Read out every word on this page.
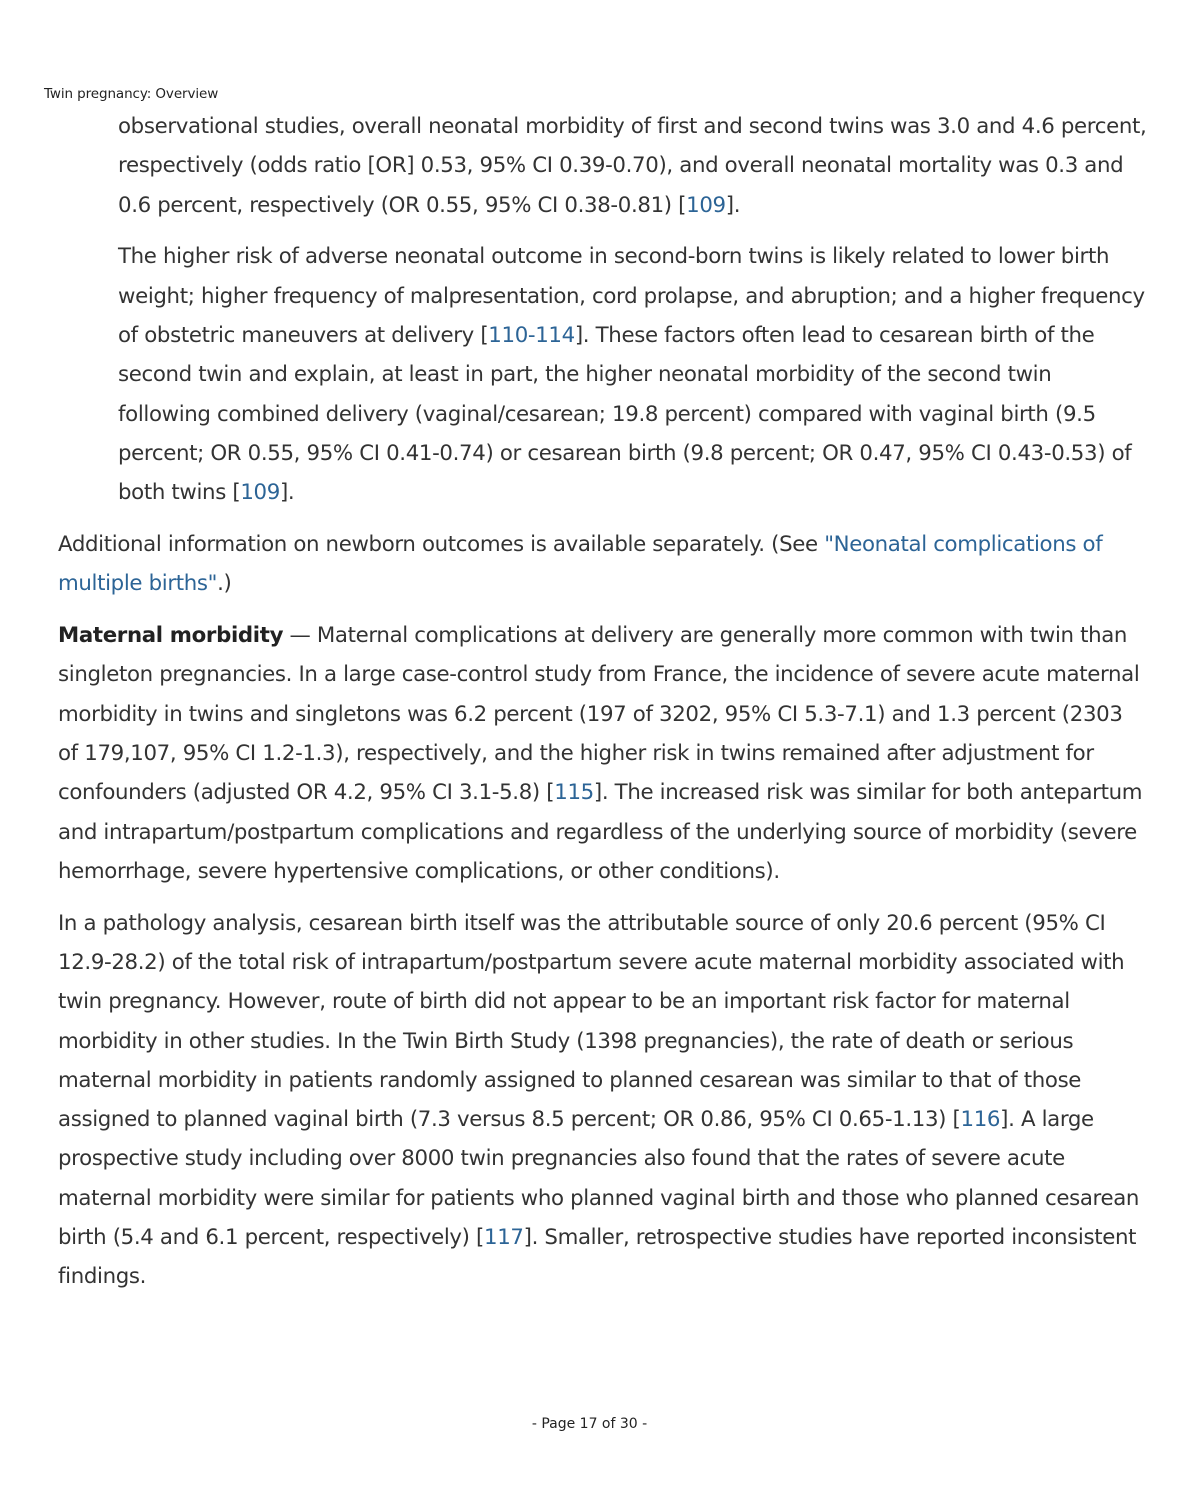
Twin pregnancy: Overview

observational studies, overall neonatal morbidity of first and second twins was 3.0 and 4.6 percent, respectively (odds ratio [OR] 0.53, 95% CI 0.39-0.70), and overall neonatal mortality was 0.3 and 0.6 percent, respectively (OR 0.55, 95% CI 0.38-0.81) [109].

The higher risk of adverse neonatal outcome in second-born twins is likely related to lower birth weight; higher frequency of malpresentation, cord prolapse, and abruption; and a higher frequency of obstetric maneuvers at delivery [110-114]. These factors often lead to cesarean birth of the second twin and explain, at least in part, the higher neonatal morbidity of the second twin following combined delivery (vaginal/cesarean; 19.8 percent) compared with vaginal birth (9.5 percent; OR 0.55, 95% CI 0.41-0.74) or cesarean birth (9.8 percent; OR 0.47, 95% CI 0.43-0.53) of both twins [109].

Additional information on newborn outcomes is available separately. (See "Neonatal complications of multiple births".)

Maternal morbidity — Maternal complications at delivery are generally more common with twin than singleton pregnancies. In a large case-control study from France, the incidence of severe acute maternal morbidity in twins and singletons was 6.2 percent (197 of 3202, 95% CI 5.3-7.1) and 1.3 percent (2303 of 179,107, 95% CI 1.2-1.3), respectively, and the higher risk in twins remained after adjustment for confounders (adjusted OR 4.2, 95% CI 3.1-5.8) [115]. The increased risk was similar for both antepartum and intrapartum/postpartum complications and regardless of the underlying source of morbidity (severe hemorrhage, severe hypertensive complications, or other conditions).

In a pathology analysis, cesarean birth itself was the attributable source of only 20.6 percent (95% CI 12.9-28.2) of the total risk of intrapartum/postpartum severe acute maternal morbidity associated with twin pregnancy. However, route of birth did not appear to be an important risk factor for maternal morbidity in other studies. In the Twin Birth Study (1398 pregnancies), the rate of death or serious maternal morbidity in patients randomly assigned to planned cesarean was similar to that of those assigned to planned vaginal birth (7.3 versus 8.5 percent; OR 0.86, 95% CI 0.65-1.13) [116]. A large prospective study including over 8000 twin pregnancies also found that the rates of severe acute maternal morbidity were similar for patients who planned vaginal birth and those who planned cesarean birth (5.4 and 6.1 percent, respectively) [117]. Smaller, retrospective studies have reported inconsistent findings.

- Page 17 of 30 -
